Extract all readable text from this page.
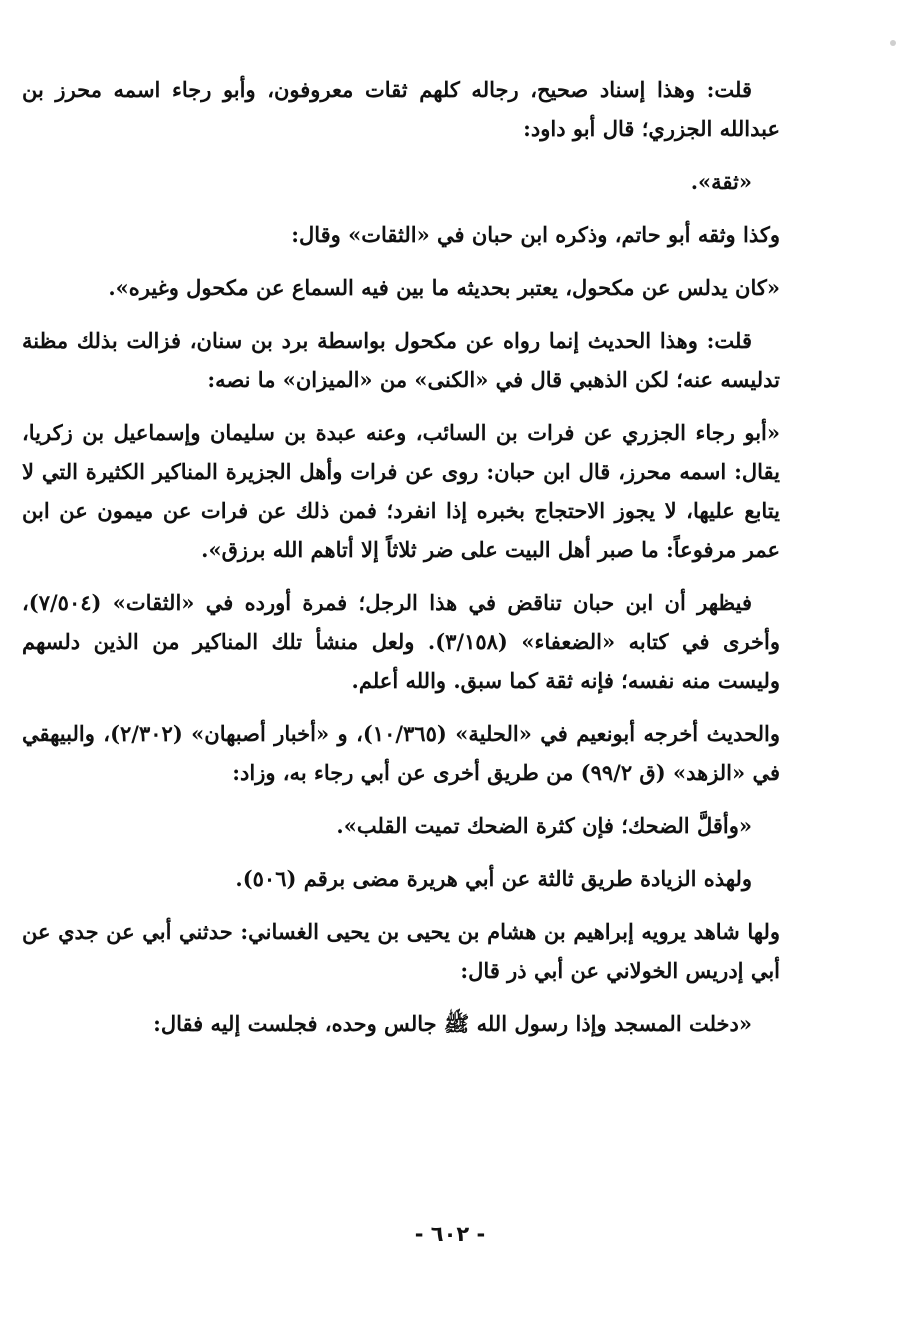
قلت: وهذا إسناد صحيح، رجاله كلهم ثقات معروفون، وأبو رجاء اسمه محرز بن عبدالله الجزري؛ قال أبو داود:

«ثقة».

وكذا وثقه أبو حاتم، وذكره ابن حبان في «الثقات» وقال:

«كان يدلس عن مكحول، يعتبر بحديثه ما بين فيه السماع عن مكحول وغيره».

قلت: وهذا الحديث إنما رواه عن مكحول بواسطة برد بن سنان، فزالت بذلك مظنة تدليسه عنه؛ لكن الذهبي قال في «الكنى» من «الميزان» ما نصه:

«أبو رجاء الجزري عن فرات بن السائب، وعنه عبدة بن سليمان وإسماعيل بن زكريا، يقال: اسمه محرز، قال ابن حبان: روى عن فرات وأهل الجزيرة المناكير الكثيرة التي لا يتابع عليها، لا يجوز الاحتجاج بخبره إذا انفرد؛ فمن ذلك عن فرات عن ميمون عن ابن عمر مرفوعاً: ما صبر أهل البيت على ضر ثلاثاً إلا أتاهم الله برزق».

فيظهر أن ابن حبان تناقض في هذا الرجل؛ فمرة أورده في «الثقات» (٧/٥٠٤)، وأخرى في كتابه «الضعفاء» (٣/١٥٨). ولعل منشأ تلك المناكير من الذين دلسهم وليست منه نفسه؛ فإنه ثقة كما سبق. والله أعلم.

والحديث أخرجه أبونعيم في «الحلية» (١٠/٣٦٥)، و «أخبار أصبهان» (٢/٣٠٢)، والبيهقي في «الزهد» (ق ٩٩/٢) من طريق أخرى عن أبي رجاء به، وزاد:

«وأقلَّ الضحك؛ فإن كثرة الضحك تميت القلب».

ولهذه الزيادة طريق ثالثة عن أبي هريرة مضى برقم (٥٠٦).

ولها شاهد يرويه إبراهيم بن هشام بن يحيى بن يحيى الغساني: حدثني أبي عن جدي عن أبي إدريس الخولاني عن أبي ذر قال:

«دخلت المسجد وإذا رسول الله ﷺ جالس وحده، فجلست إليه فقال:

- ٦٠٢ -
